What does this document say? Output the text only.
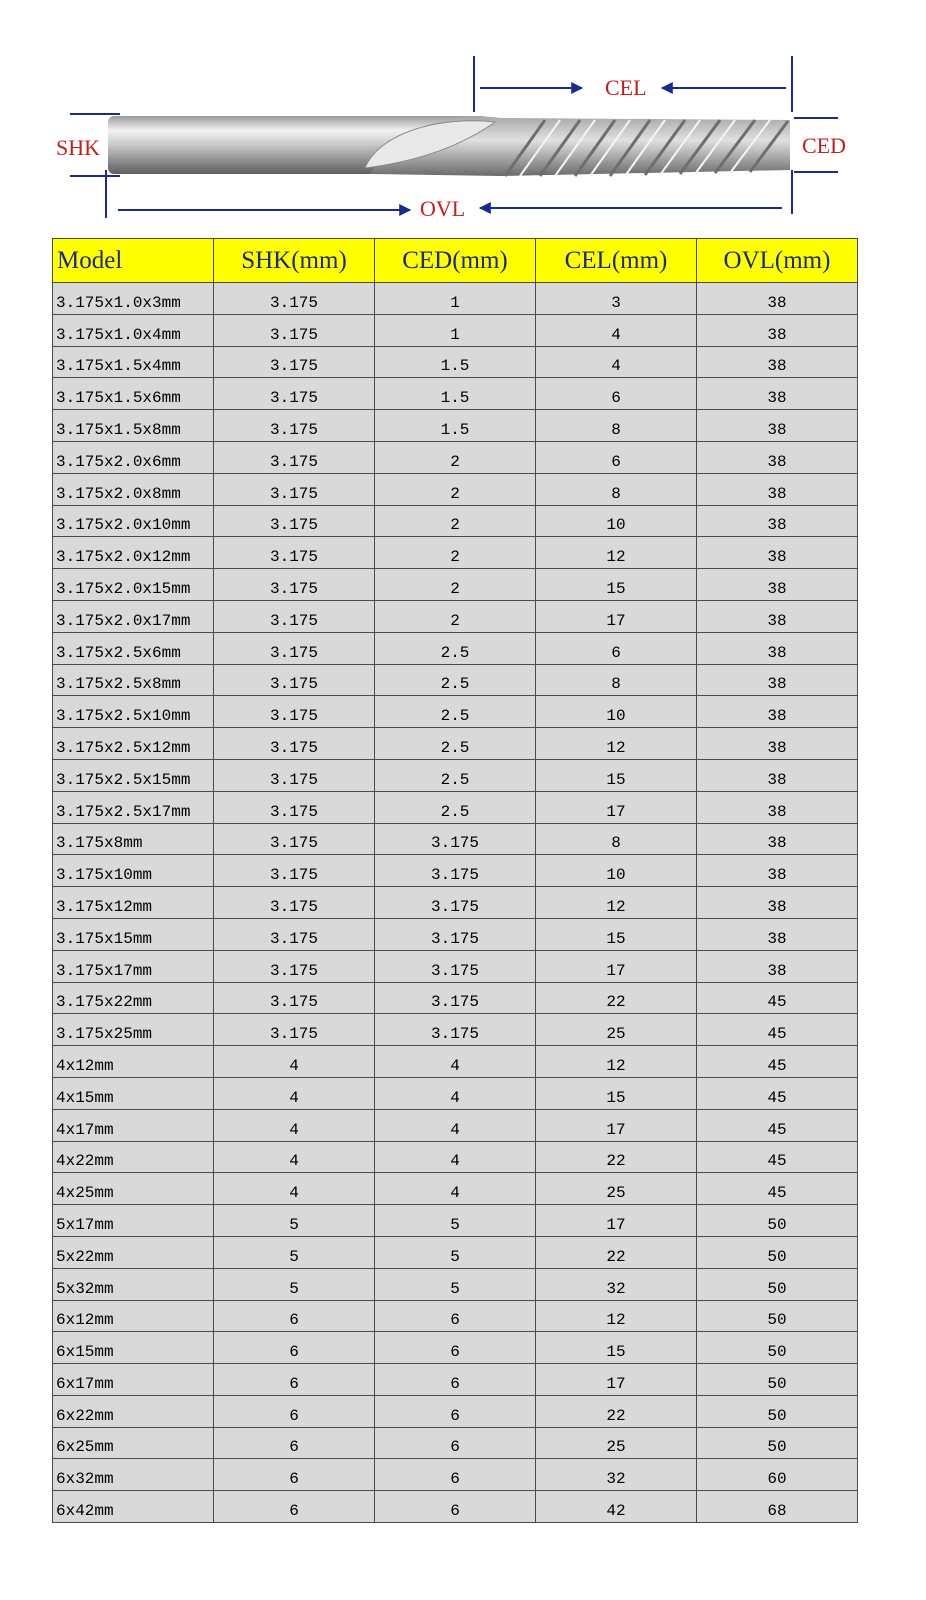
SHK	CED
CEL
OVL
Model	SHK(mm)	CED(mm)	CEL(mm)	OVL(mm)
3.175x1.0x3mm	3.175	1	3	38
3.175x1.0x4mm	3.175	1	4	38
3.175x1.5x4mm	3.175	1.5	4	38
3.175x1.5x6mm	3.175	1.5	6	38
3.175x1.5x8mm	3.175	1.5	8	38
3.175x2.0x6mm	3.175	2	6	38
3.175x2.0x8mm	3.175	2	8	38
3.175x2.0x10mm	3.175	2	10	38
3.175x2.0x12mm	3.175	2	12	38
3.175x2.0x15mm	3.175	2	15	38
3.175x2.0x17mm	3.175	2	17	38
3.175x2.5x6mm	3.175	2.5	6	38
3.175x2.5x8mm	3.175	2.5	8	38
3.175x2.5x10mm	3.175	2.5	10	38
3.175x2.5x12mm	3.175	2.5	12	38
3.175x2.5x15mm	3.175	2.5	15	38
3.175x2.5x17mm	3.175	2.5	17	38
3.175x8mm	3.175	3.175	8	38
3.175x10mm	3.175	3.175	10	38
3.175x12mm	3.175	3.175	12	38
3.175x15mm	3.175	3.175	15	38
3.175x17mm	3.175	3.175	17	38
3.175x22mm	3.175	3.175	22	45
3.175x25mm	3.175	3.175	25	45
4x12mm	4	4	12	45
4x15mm	4	4	15	45
4x17mm	4	4	17	45
4x22mm	4	4	22	45
4x25mm	4	4	25	45
5x17mm	5	5	17	50
5x22mm	5	5	22	50
5x32mm	5	5	32	50
6x12mm	6	6	12	50
6x15mm	6	6	15	50
6x17mm	6	6	17	50
6x22mm	6	6	22	50
6x25mm	6	6	25	50
6x32mm	6	6	32	60
6x42mm	6	6	42	68
